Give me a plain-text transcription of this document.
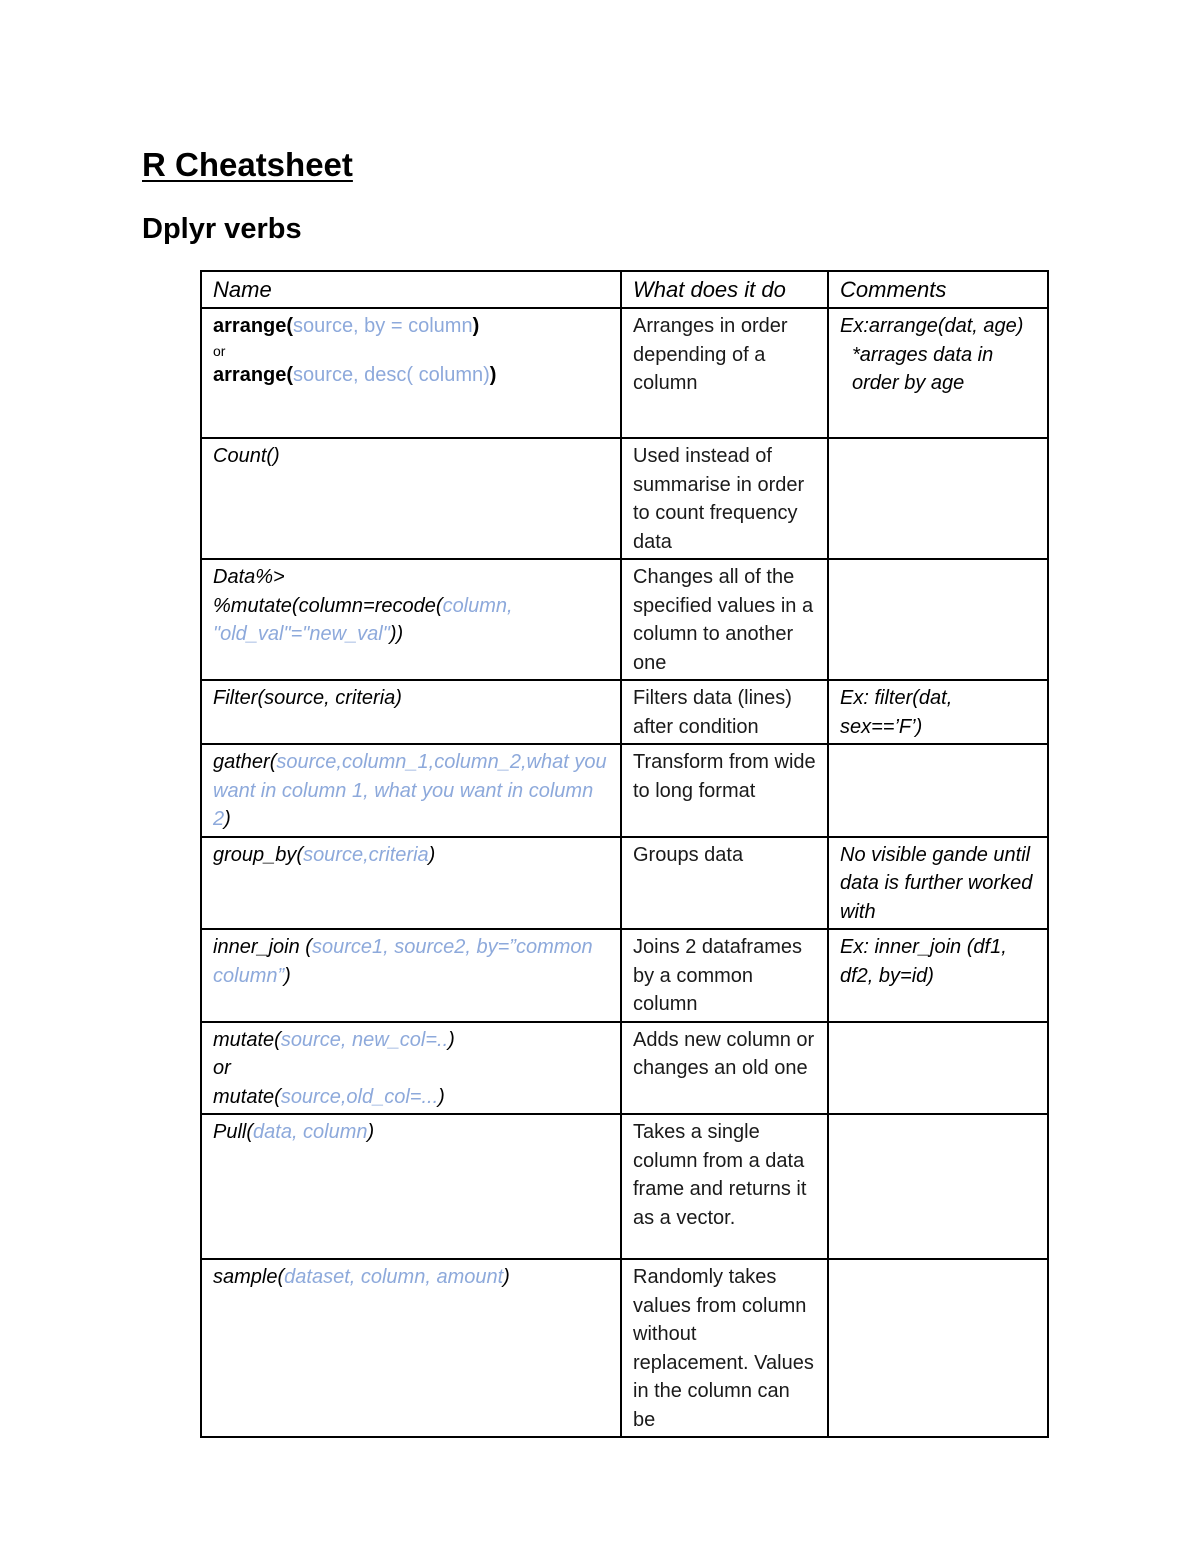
R Cheatsheet
Dplyr verbs
Name	What does it do	Comments

arrange(source, by = column)
or
arrange(source, desc( column))	Arranges in order depending of a column	Ex:arrange(dat, age)
*arrages data in order by age

Count()	Used instead of summarise in order to count frequency data	

Data%>
%mutate(column=recode(column, "old_val"="new_val"))	Changes all of the specified values in a column to another one	
Filter(source, criteria)	Filters data (lines) after condition	Ex: filter(dat, sex==’F’)
gather(source,column_1,column_2,what you want in column 1, what you want in column 2)	Transform from wide to long format	
group_by(source,criteria)	Groups data	No visible gande until data is further worked with
inner_join (source1, source2, by=”common column”)	Joins 2 dataframes by a common column	Ex: inner_join (df1, df2, by=id)

mutate(source, new_col=..)
or
mutate(source,old_col=...)	Adds new column or changes an old one	
Pull(data, column)	Takes a single column from a data frame and returns it as a vector.	
sample(dataset, column, amount)	Randomly takes values from column without replacement. Values in the column can be	
